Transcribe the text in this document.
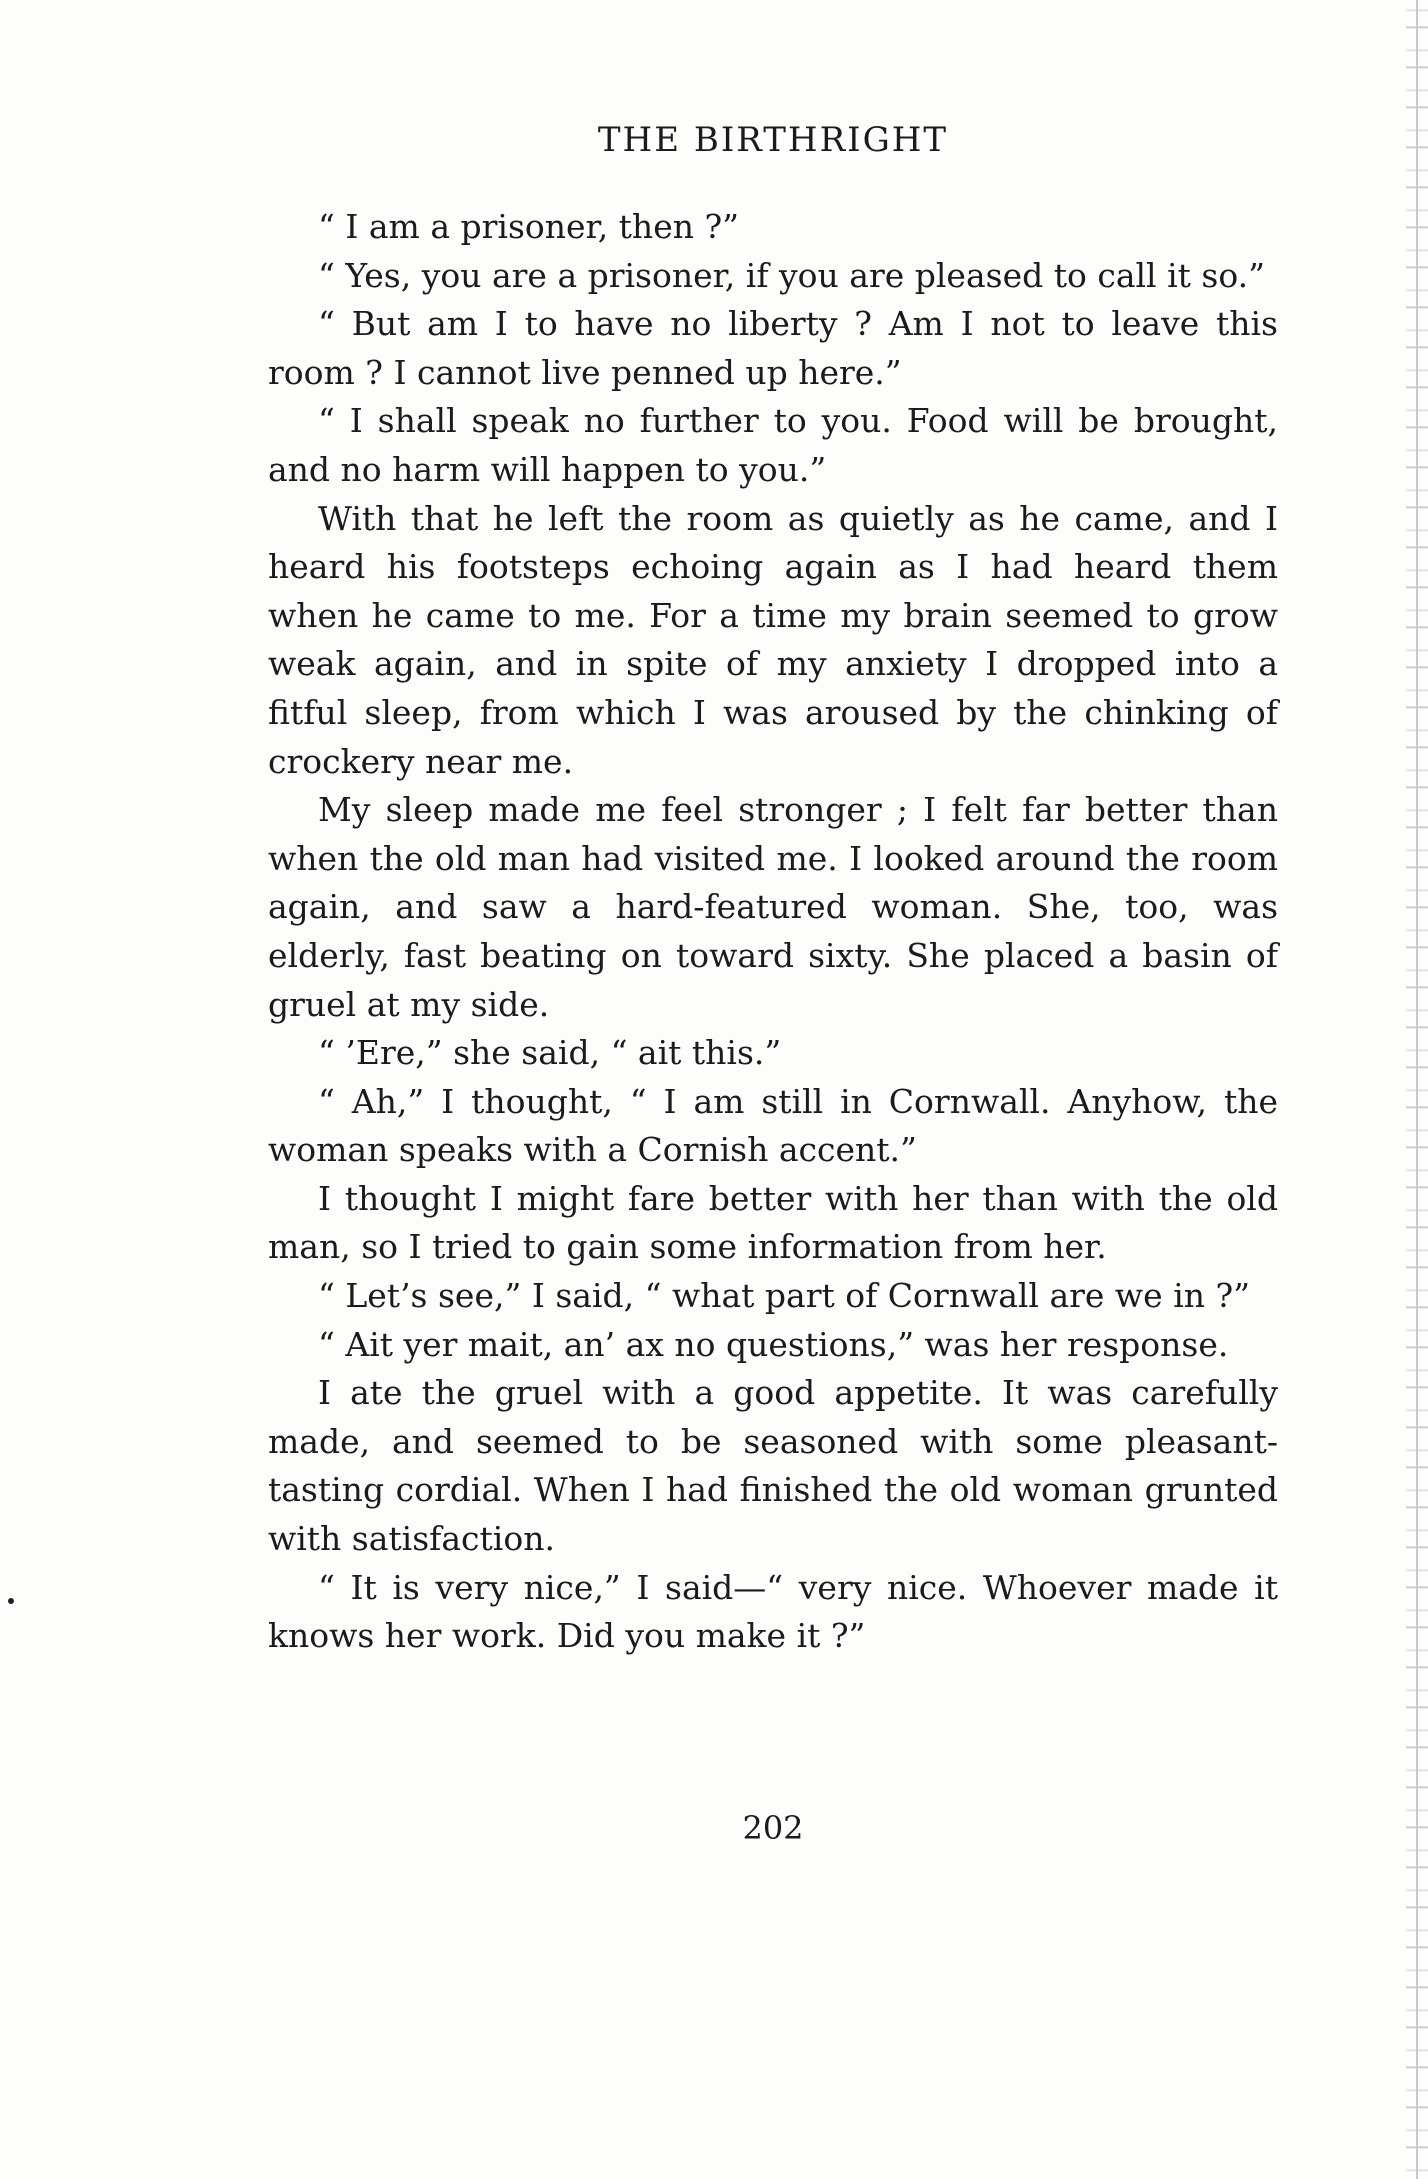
THE BIRTHRIGHT

“ I am a prisoner, then ?”

“ Yes, you are a prisoner, if you are pleased to call it so.”

“ But am I to have no liberty ? Am I not to leave this room ? I cannot live penned up here.”

“ I shall speak no further to you. Food will be brought, and no harm will happen to you.”

With that he left the room as quietly as he came, and I heard his footsteps echoing again as I had heard them when he came to me. For a time my brain seemed to grow weak again, and in spite of my anxiety I dropped into a fitful sleep, from which I was aroused by the chinking of crockery near me.

My sleep made me feel stronger ; I felt far better than when the old man had visited me. I looked around the room again, and saw a hard-featured woman. She, too, was elderly, fast beating on toward sixty. She placed a basin of gruel at my side.

“ ’Ere,” she said, “ ait this.”

“ Ah,” I thought, “ I am still in Cornwall. Anyhow, the woman speaks with a Cornish accent.”

I thought I might fare better with her than with the old man, so I tried to gain some information from her.

“ Let’s see,” I said, “ what part of Cornwall are we in ?”

“ Ait yer mait, an’ ax no questions,” was her response.

I ate the gruel with a good appetite. It was carefully made, and seemed to be seasoned with some pleasant-tasting cordial. When I had finished the old woman grunted with satisfaction.

“ It is very nice,” I said—“ very nice. Whoever made it knows her work. Did you make it ?”

202
